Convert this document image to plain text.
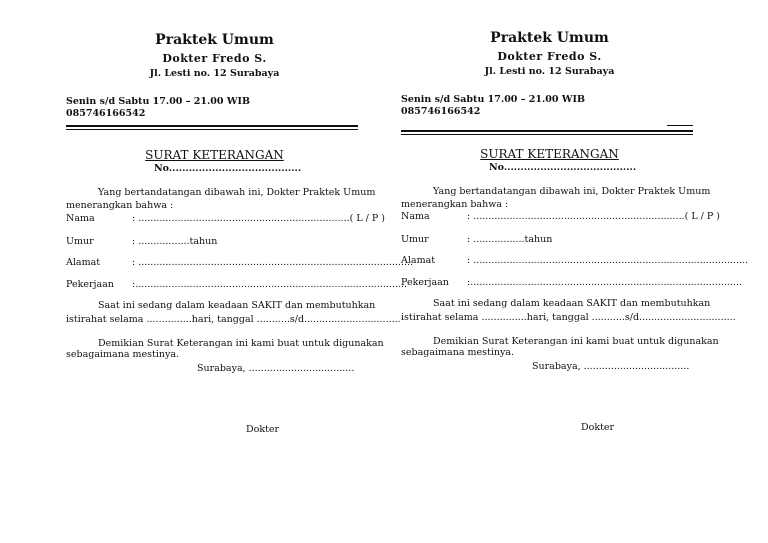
Praktek Umum
Dokter Fredo S.
Jl. Lesti no. 12 Surabaya
Senin s/d Sabtu 17.00 – 21.00 WIB
085746166542
SURAT KETERANGAN
No........................................
Yang bertandatangan dibawah ini, Dokter Praktek Umum
menerangkan bahwa :
Nama	: ......................................................................( L / P )
Umur	: .................tahun
Alamat	: ...........................................................................................
Pekerjaan :..........................................................................................
Saat ini sedang dalam keadaan SAKIT dan membutuhkan
istirahat selama ...............hari, tanggal ...........s/d................................
Demikian Surat Keterangan ini kami buat untuk digunakan
sebagaimana mestinya.
Surabaya, ...................................
Dokter
Praktek Umum
Dokter Fredo S.
Jl. Lesti no. 12 Surabaya
Senin s/d Sabtu 17.00 – 21.00 WIB
085746166542
SURAT KETERANGAN
No........................................
Yang bertandatangan dibawah ini, Dokter Praktek Umum
menerangkan bahwa :
Nama	: ......................................................................( L / P )
Umur	: .................tahun
Alamat	: ...........................................................................................
Pekerjaan :..........................................................................................
Saat ini sedang dalam keadaan SAKIT dan membutuhkan
istirahat selama ...............hari, tanggal ...........s/d................................
Demikian Surat Keterangan ini kami buat untuk digunakan
sebagaimana mestinya.
Surabaya, ...................................
Dokter
